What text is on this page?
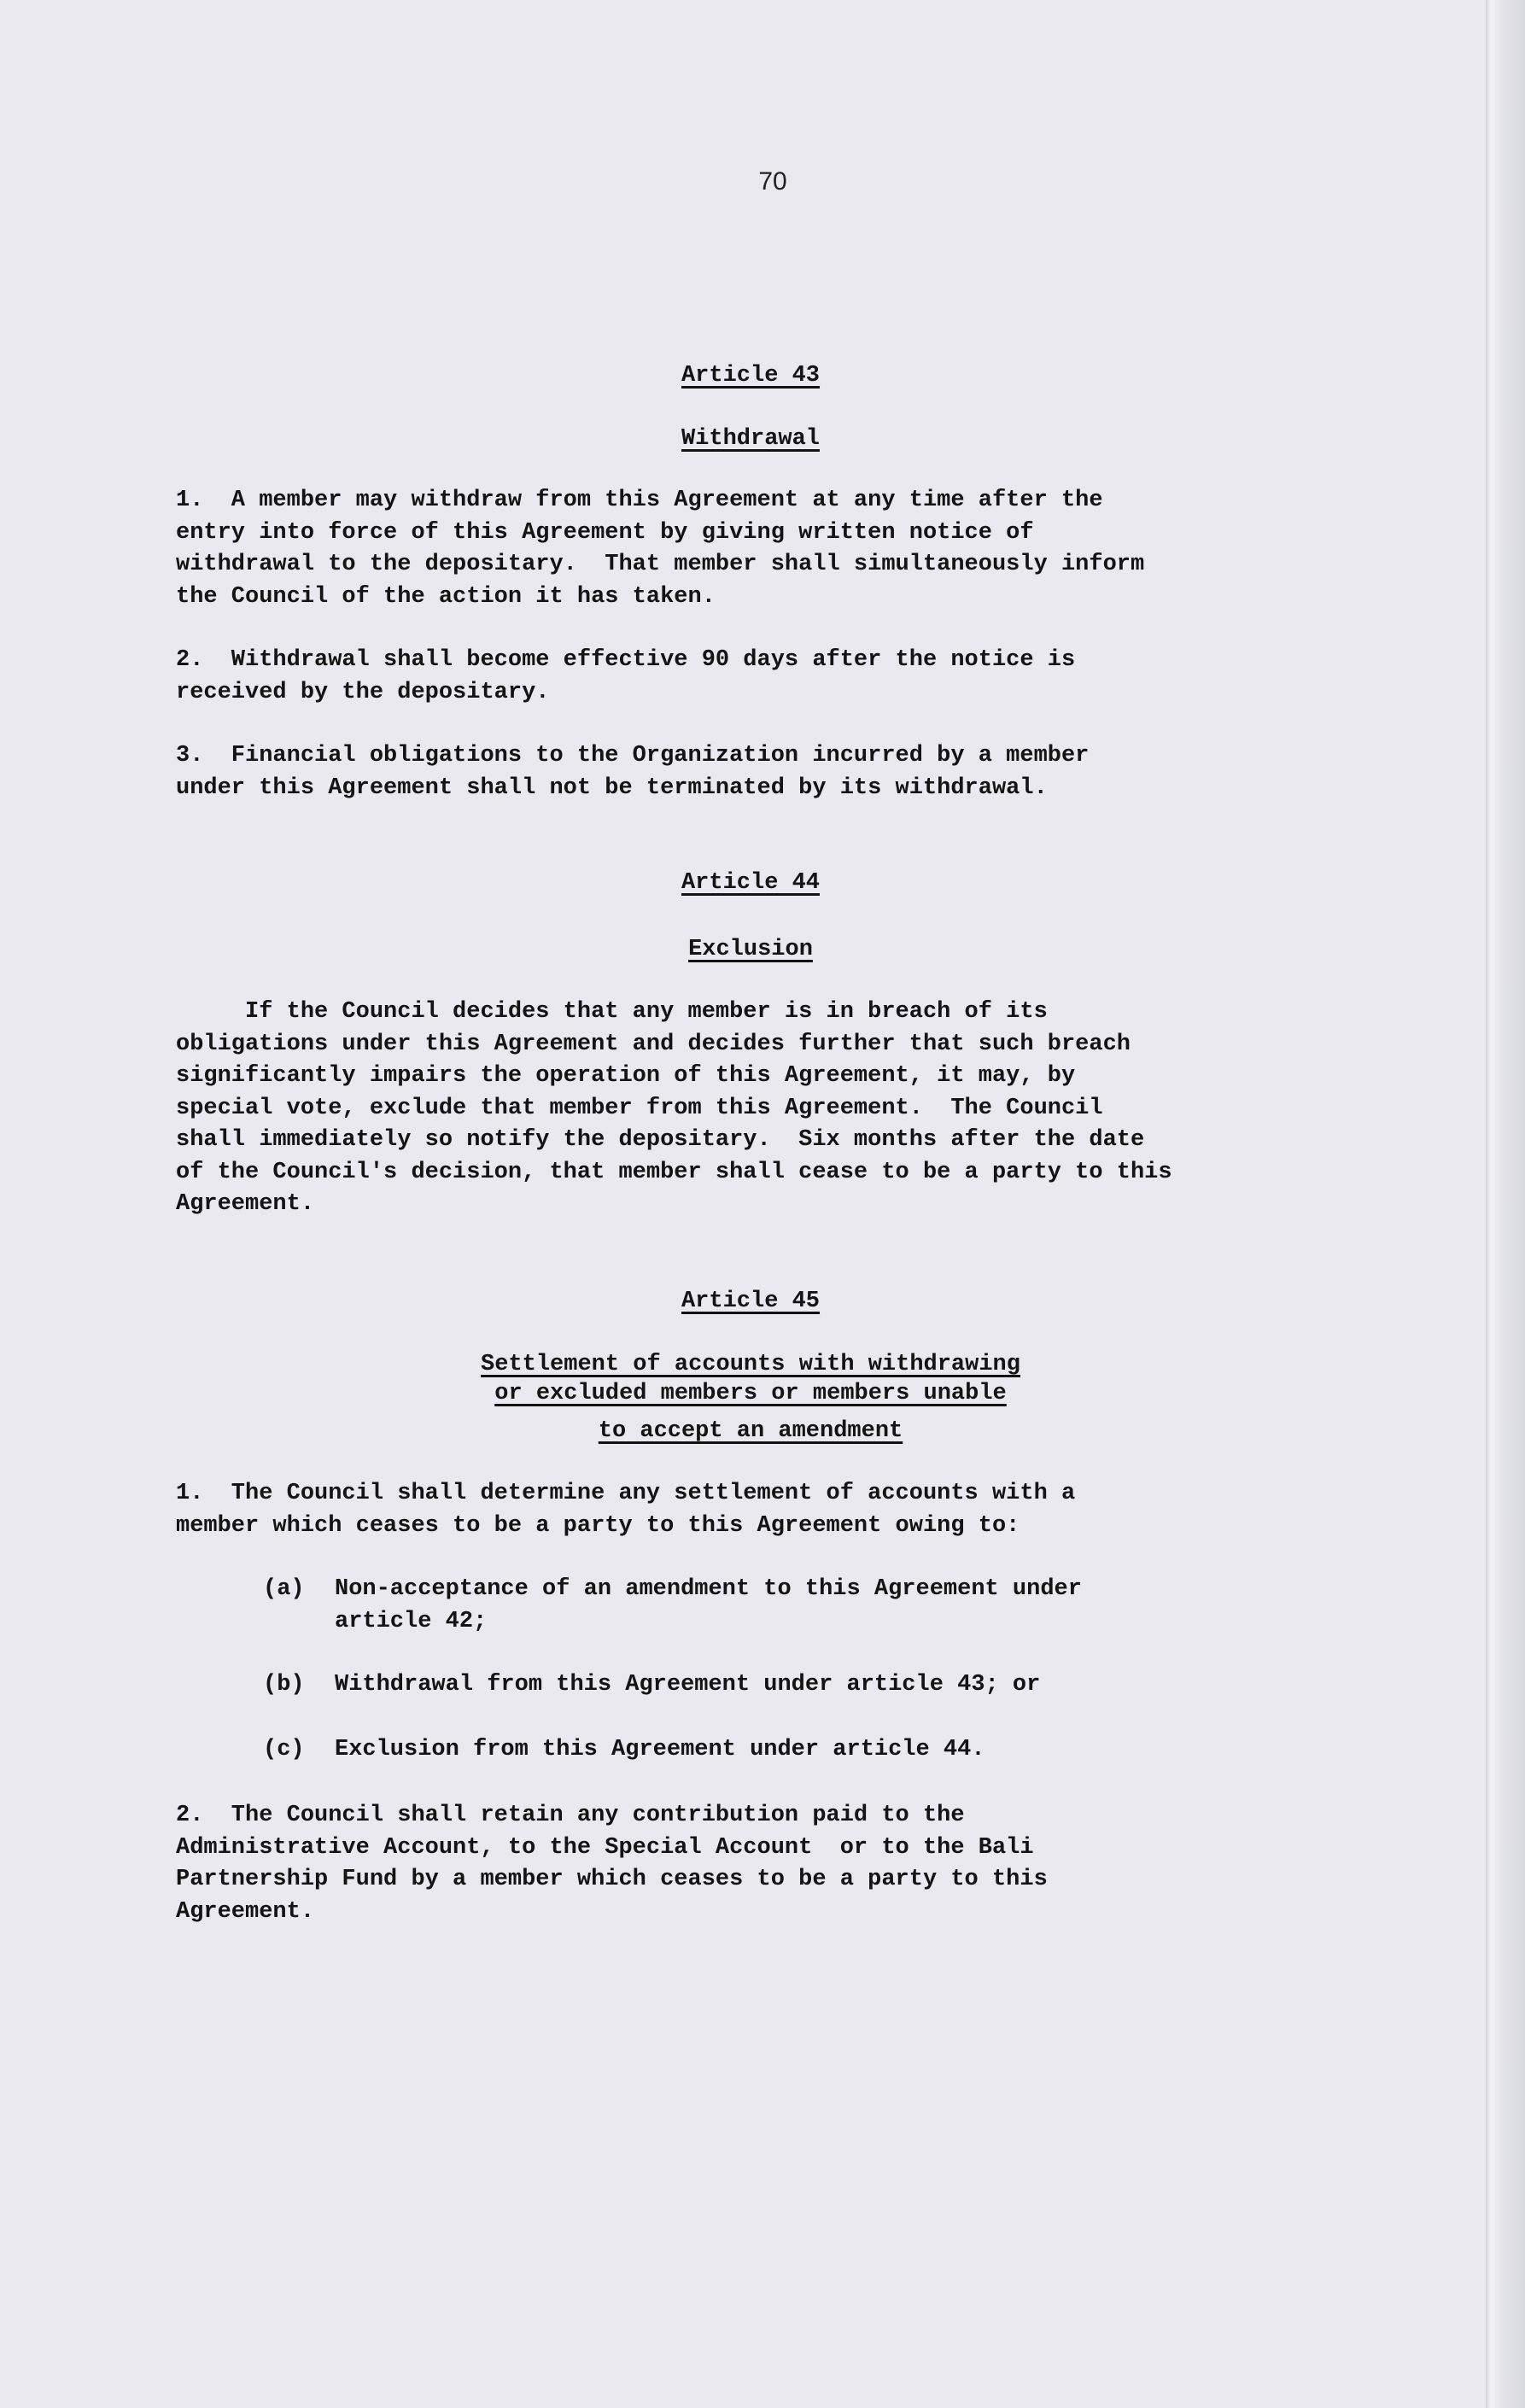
70
Article 43
Withdrawal
1.  A member may withdraw from this Agreement at any time after the
entry into force of this Agreement by giving written notice of
withdrawal to the depositary.  That member shall simultaneously inform
the Council of the action it has taken.
2.  Withdrawal shall become effective 90 days after the notice is
received by the depositary.
3.  Financial obligations to the Organization incurred by a member
under this Agreement shall not be terminated by its withdrawal.
Article 44
Exclusion
If the Council decides that any member is in breach of its
obligations under this Agreement and decides further that such breach
significantly impairs the operation of this Agreement, it may, by
special vote, exclude that member from this Agreement.  The Council
shall immediately so notify the depositary.  Six months after the date
of the Council's decision, that member shall cease to be a party to this
Agreement.
Article 45
Settlement of accounts with withdrawing
or excluded members or members unable
to accept an amendment
1.  The Council shall determine any settlement of accounts with a
member which ceases to be a party to this Agreement owing to:
(a)	Non-acceptance of an amendment to this Agreement under
article 42;
(b)	Withdrawal from this Agreement under article 43; or
(c)	Exclusion from this Agreement under article 44.
2.  The Council shall retain any contribution paid to the
Administrative Account, to the Special Account  or to the Bali
Partnership Fund by a member which ceases to be a party to this
Agreement.
